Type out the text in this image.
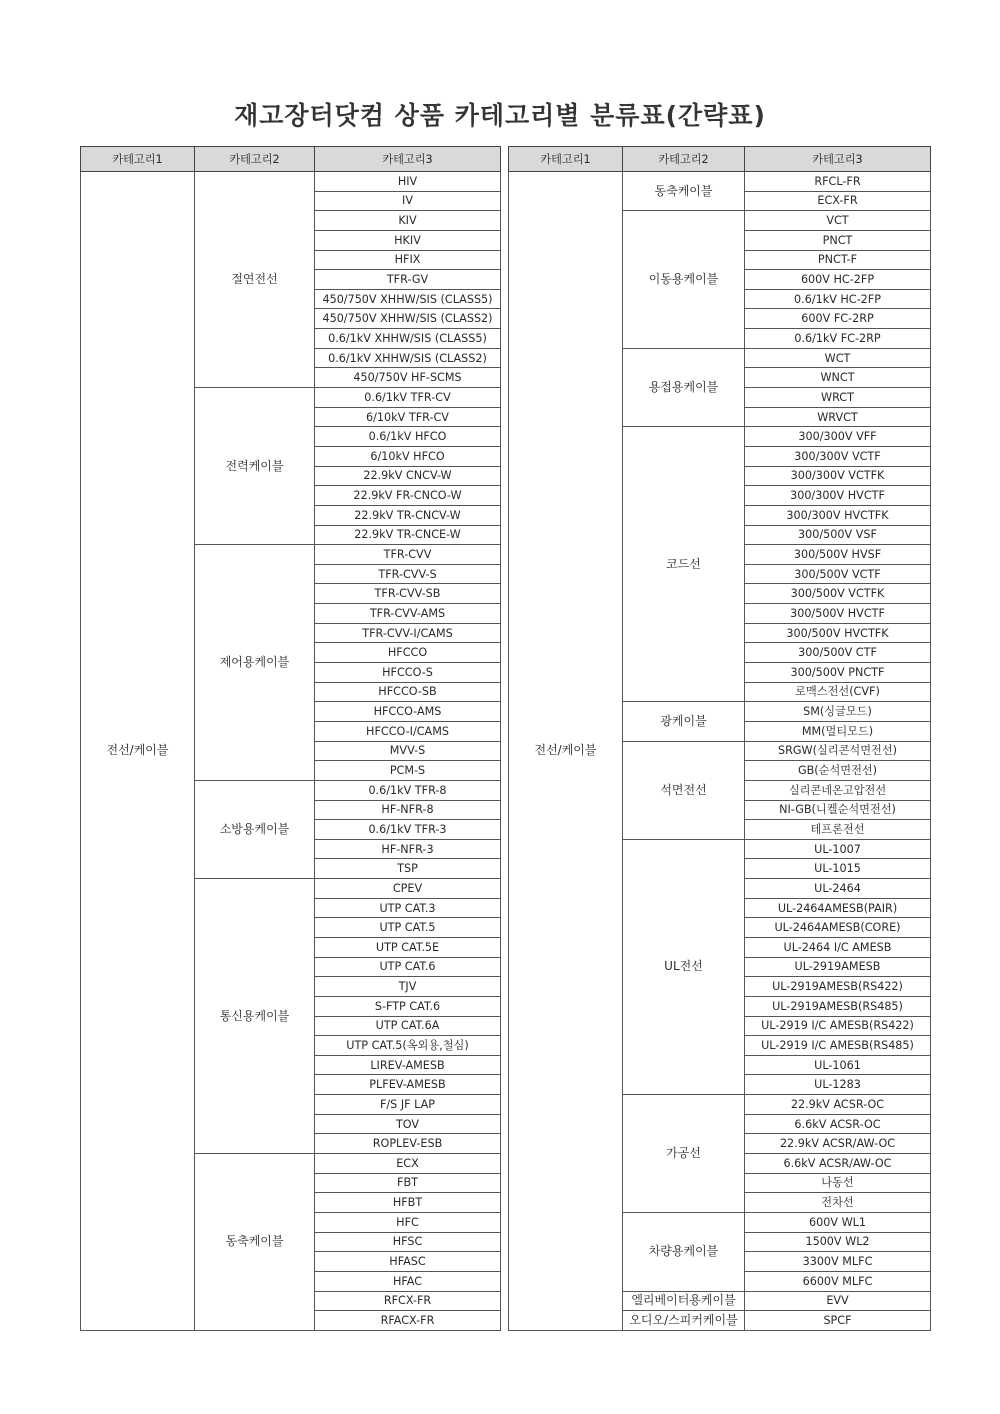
재고장터닷컴 상품 카테고리별 분류표(간략표)
카테고리1	카테고리2	카테고리3
전선/케이블	절연전선	HIV
		IV
		KIV
		HKIV
		HFIX
		TFR-GV
		450/750V XHHW/SIS (CLASS5)
		450/750V XHHW/SIS (CLASS2)
		0.6/1kV XHHW/SIS (CLASS5)
		0.6/1kV XHHW/SIS (CLASS2)
		450/750V HF-SCMS
	전력케이블	0.6/1kV TFR-CV
		6/10kV TFR-CV
		0.6/1kV HFCO
		6/10kV HFCO
		22.9kV CNCV-W
		22.9kV FR-CNCO-W
		22.9kV TR-CNCV-W
		22.9kV TR-CNCE-W
	제어용케이블	TFR-CVV
		TFR-CVV-S
		TFR-CVV-SB
		TFR-CVV-AMS
		TFR-CVV-I/CAMS
		HFCCO
		HFCCO-S
		HFCCO-SB
		HFCCO-AMS
		HFCCO-I/CAMS
		MVV-S
		PCM-S
	소방용케이블	0.6/1kV TFR-8
		HF-NFR-8
		0.6/1kV TFR-3
		HF-NFR-3
		TSP
	통신용케이블	CPEV
		UTP CAT.3
		UTP CAT.5
		UTP CAT.5E
		UTP CAT.6
		TJV
		S-FTP CAT.6
		UTP CAT.6A
		UTP CAT.5(옥외용,철심)
		LIREV-AMESB
		PLFEV-AMESB
		F/S JF LAP
		TOV
		ROPLEV-ESB
	동축케이블	ECX
		FBT
		HFBT
		HFC
		HFSC
		HFASC
		HFAC
		RFCX-FR
		RFACX-FR
카테고리1	카테고리2	카테고리3
전선/케이블	동축케이블	RFCL-FR
		ECX-FR
	이동용케이블	VCT
		PNCT
		PNCT-F
		600V HC-2FP
		0.6/1kV HC-2FP
		600V FC-2RP
		0.6/1kV FC-2RP
	용접용케이블	WCT
		WNCT
		WRCT
		WRVCT
	코드선	300/300V VFF
		300/300V VCTF
		300/300V VCTFK
		300/300V HVCTF
		300/300V HVCTFK
		300/500V VSF
		300/500V HVSF
		300/500V VCTF
		300/500V VCTFK
		300/500V HVCTF
		300/500V HVCTFK
		300/500V CTF
		300/500V PNCTF
		로맥스전선(CVF)
	광케이블	SM(싱글모드)
		MM(멀티모드)
	석면전선	SRGW(실리콘석면전선)
		GB(순석면전선)
		실리콘네온고압전선
		NI-GB(니켈순석면전선)
		테프론전선
	UL전선	UL-1007
		UL-1015
		UL-2464
		UL-2464AMESB(PAIR)
		UL-2464AMESB(CORE)
		UL-2464 I/C AMESB
		UL-2919AMESB
		UL-2919AMESB(RS422)
		UL-2919AMESB(RS485)
		UL-2919 I/C AMESB(RS422)
		UL-2919 I/C AMESB(RS485)
		UL-1061
		UL-1283
	가공선	22.9kV ACSR-OC
		6.6kV ACSR-OC
		22.9kV ACSR/AW-OC
		6.6kV ACSR/AW-OC
		나동선
		전차선
	차량용케이블	600V WL1
		1500V WL2
		3300V MLFC
		6600V MLFC
	엘리베이터용케이블	EVV
	오디오/스피커케이블	SPCF
